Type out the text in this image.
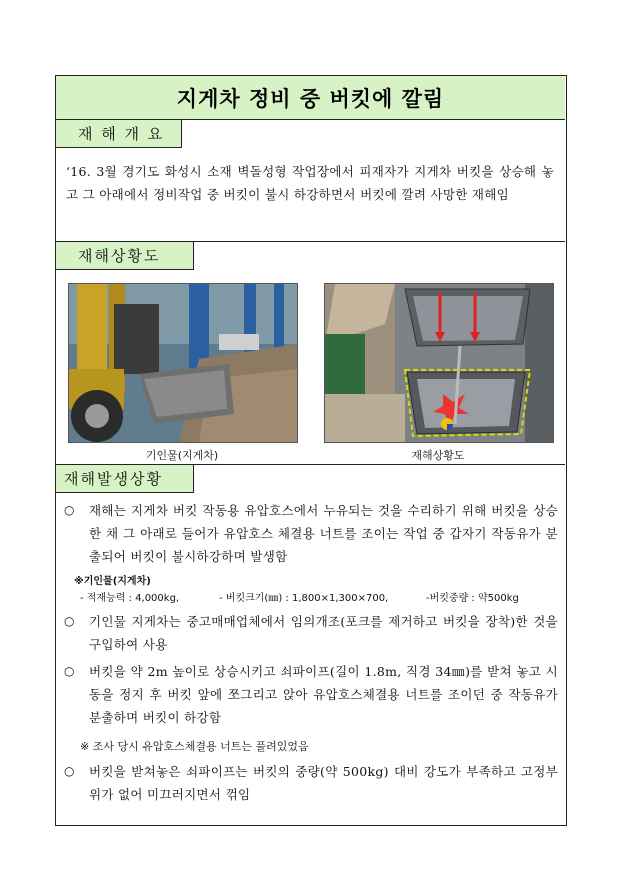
지게차 정비 중 버킷에 깔림
재 해 개 요
‘16. 3월 경기도 화성시 소재 벽돌성형 작업장에서 피재자가 지게차 버킷을 상승해 놓고 그 아래에서 정비작업 중 버킷이 불시 하강하면서 버킷에 깔려 사망한 재해임
재해상황도
기인물(지게차)	재해상황도
재해발생상황
○ 재해는 지게차 버킷 작동용 유압호스에서 누유되는 것을 수리하기 위해 버킷을 상승한 채 그 아래로 들어가 유압호스 체결용 너트를 조이는 작업 중 갑자기 작동유가 분출되어 버킷이 불시하강하며 발생함
※기인물(지게차)
- 적재능력 : 4,000kg,	- 버킷크기(㎜) : 1,800×1,300×700,	-버킷중량 : 약500kg
○ 기인물 지게차는 중고매매업체에서 임의개조(포크를 제거하고 버킷을 장착)한 것을 구입하여 사용
○ 버킷을 약 2m 높이로 상승시키고 쇠파이프(길이 1.8m, 직경 34㎜)를 받쳐 놓고 시동을 정지 후 버킷 앞에 쪼그리고 앉아 유압호스체결용 너트를 조이던 중 작동유가 분출하며 버킷이 하강함
※ 조사 당시 유압호스체결용 너트는 풀려있었음
○ 버킷을 받쳐놓은 쇠파이프는 버킷의 중량(약 500kg) 대비 강도가 부족하고 고정부위가 없어 미끄러지면서 꺾임
